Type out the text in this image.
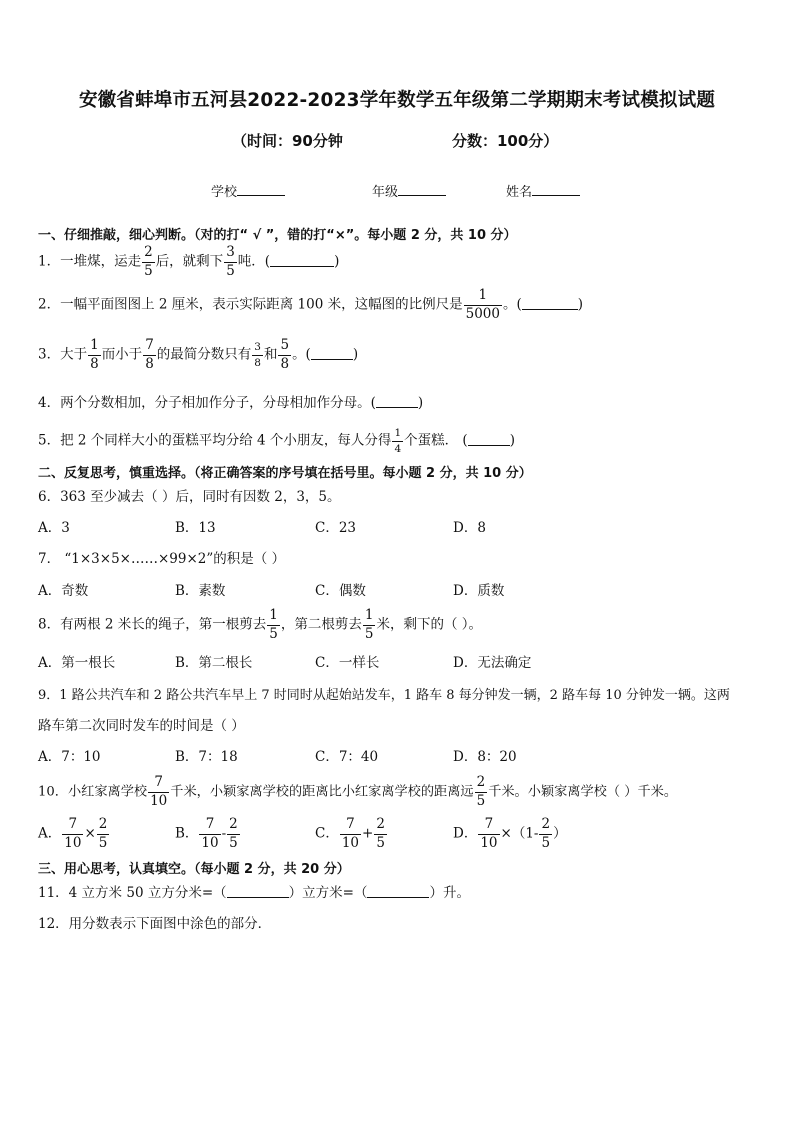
安徽省蚌埠市五河县2022-2023学年数学五年级第二学期期末考试模拟试题
（时间：90分钟	分数：100分）
学校	年级	姓名
一、仔细推敲，细心判断。（对的打“ √ ”，错的打“×”。每小题 2 分，共 10 分）
1．一堆煤，运走 $\frac{2}{5}$ 后，就剩下 $\frac{3}{5}$ 吨．(	)
2．一幅平面图图上 2 厘米，表示实际距离 100 米，这幅图的比例尺是 $\frac{1}{5000}$ 。(	)
3．大于 $\frac{1}{8}$ 而小于 $\frac{7}{8}$ 的最简分数只有 $\frac{3}{8}$ 和 $\frac{5}{8}$ 。(	)
4．两个分数相加，分子相加作分子，分母相加作分母。(	)
5．把 2 个同样大小的蛋糕平均分给 4 个小朋友，每人分得 $\frac{1}{4}$ 个蛋糕． (	)
二、反复思考，慎重选择。（将正确答案的序号填在括号里。每小题 2 分，共 10 分）
6．363 至少减去（ ）后，同时有因数 2，3，5。
A．3	B．13	C．23	D．8
7． “1×3×5×……×99×2”的积是（ ）
A．奇数	B．素数	C．偶数	D．质数
8．有两根 2 米长的绳子，第一根剪去 $\frac{1}{5}$ ，第二根剪去 $\frac{1}{5}$ 米，剩下的（ ）。
A．第一根长	B．第二根长	C．一样长	D．无法确定
9．1 路公共汽车和 2 路公共汽车早上 7 时同时从起始站发车，1 路车 8 每分钟发一辆，2 路车每 10 分钟发一辆。这两
路车第二次同时发车的时间是（ ）
A．7：10	B．7：18	C．7：40	D．8：20
10．小红家离学校 $\frac{7}{10}$ 千米，小颖家离学校的距离比小红家离学校的距离远 $\frac{2}{5}$ 千米。小颖家离学校（ ）千米。
A． $\frac{7}{10} \times \frac{2}{5}$	B． $\frac{7}{10} - \frac{2}{5}$	C． $\frac{7}{10} + \frac{2}{5}$	D． $\frac{7}{10} \times(1- \frac{2}{5}$ ）
三、用心思考，认真填空。（每小题 2 分，共 20 分）
11．4 立方米 50 立方分米=（	）立方米=（	）升。
12．用分数表示下面图中涂色的部分．
